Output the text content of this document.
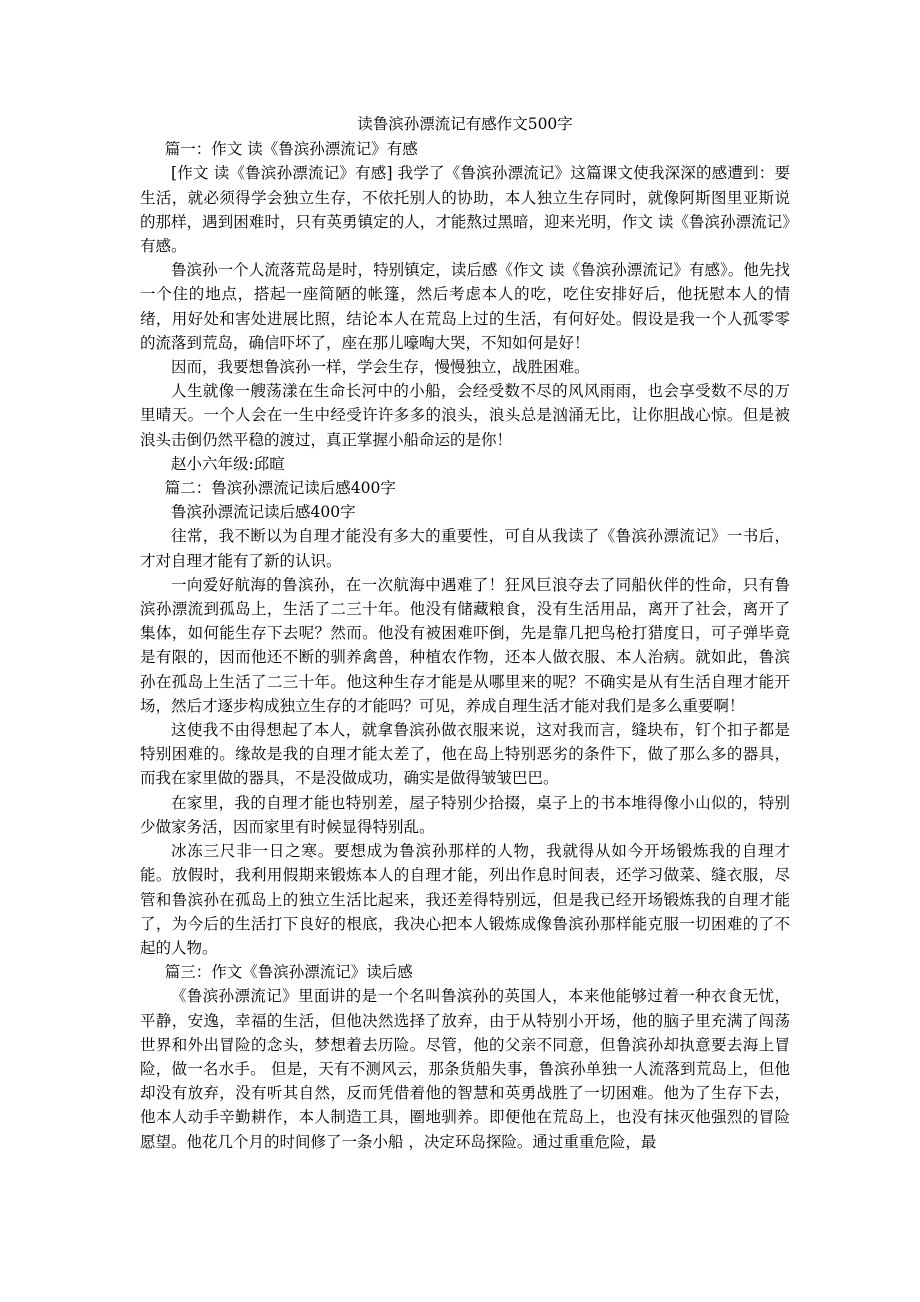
读鲁滨孙漂流记有感作文500字
篇一：作文 读《鲁滨孙漂流记》有感

[作文 读《鲁滨孙漂流记》有感] 我学了《鲁滨孙漂流记》这篇课文使我深深的感遭到：要生活，就必须得学会独立生存，不依托别人的协助，本人独立生存同时，就像阿斯图里亚斯说的那样，遇到困难时，只有英勇镇定的人，才能熬过黑暗，迎来光明，作文 读《鲁滨孙漂流记》有感。

鲁滨孙一个人流落荒岛是时，特别镇定，读后感《作文 读《鲁滨孙漂流记》有感》。他先找一个住的地点，搭起一座简陋的帐篷，然后考虑本人的吃，吃住安排好后，他抚慰本人的情绪，用好处和害处进展比照，结论本人在荒岛上过的生活，有何好处。假设是我一个人孤零零的流落到荒岛，确信吓坏了，座在那儿嚎啕大哭，不知如何是好！

因而，我要想鲁滨孙一样，学会生存，慢慢独立，战胜困难。

人生就像一艘荡漾在生命长河中的小船，会经受数不尽的风风雨雨，也会享受数不尽的万里晴天。一个人会在一生中经受许许多多的浪头，浪头总是汹涌无比，让你胆战心惊。但是被浪头击倒仍然平稳的渡过，真正掌握小船命运的是你！

赵小六年级:邱暄
篇二：鲁滨孙漂流记读后感400字
鲁滨孙漂流记读后感400字

往常，我不断以为自理才能没有多大的重要性，可自从我读了《鲁滨孙漂流记》一书后，才对自理才能有了新的认识。

一向爱好航海的鲁滨孙，在一次航海中遇难了！狂风巨浪夺去了同船伙伴的性命，只有鲁滨孙漂流到孤岛上，生活了二三十年。他没有储藏粮食，没有生活用品，离开了社会，离开了集体，如何能生存下去呢？然而。他没有被困难吓倒，先是靠几把鸟枪打猎度日，可子弹毕竟是有限的，因而他还不断的驯养禽兽，种植农作物，还本人做衣服、本人治病。就如此，鲁滨孙在孤岛上生活了二三十年。他这种生存才能是从哪里来的呢？不确实是从有生活自理才能开场，然后才逐步构成独立生存的才能吗？可见，养成自理生活才能对我们是多么重要啊！

这使我不由得想起了本人，就拿鲁滨孙做衣服来说，这对我而言，缝块布，钉个扣子都是特别困难的。缘故是我的自理才能太差了，他在岛上特别恶劣的条件下，做了那么多的器具，而我在家里做的器具，不是没做成功，确实是做得皱皱巴巴。

在家里，我的自理才能也特别差，屋子特别少拾掇，桌子上的书本堆得像小山似的，特别少做家务活，因而家里有时候显得特别乱。

冰冻三尺非一日之寒。要想成为鲁滨孙那样的人物，我就得从如今开场锻炼我的自理才能。放假时，我利用假期来锻炼本人的自理才能，列出作息时间表，还学习做菜、缝衣服，尽管和鲁滨孙在孤岛上的独立生活比起来，我还差得特别远，但是我已经开场锻炼我的自理才能了，为今后的生活打下良好的根底，我决心把本人锻炼成像鲁滨孙那样能克服一切困难的了不起的人物。

篇三：作文《鲁滨孙漂流记》读后感

《鲁滨孙漂流记》里面讲的是一个名叫鲁滨孙的英国人，本来他能够过着一种衣食无忧，平静，安逸，幸福的生活，但他决然选择了放弃，由于从特别小开场，他的脑子里充满了闯荡世界和外出冒险的念头，梦想着去历险。尽管，他的父亲不同意，但鲁滨孙却执意要去海上冒险，做一名水手。 但是，天有不测风云，那条货船失事，鲁滨孙单独一人流落到荒岛上，但他却没有放弃，没有听其自然，反而凭借着他的智慧和英勇战胜了一切困难。他为了生存下去，他本人动手辛勤耕作，本人制造工具，圈地驯养。即便他在荒岛上，也没有抹灭他强烈的冒险愿望。他花几个月的时间修了一条小船 ，决定环岛探险。通过重重危险，最
